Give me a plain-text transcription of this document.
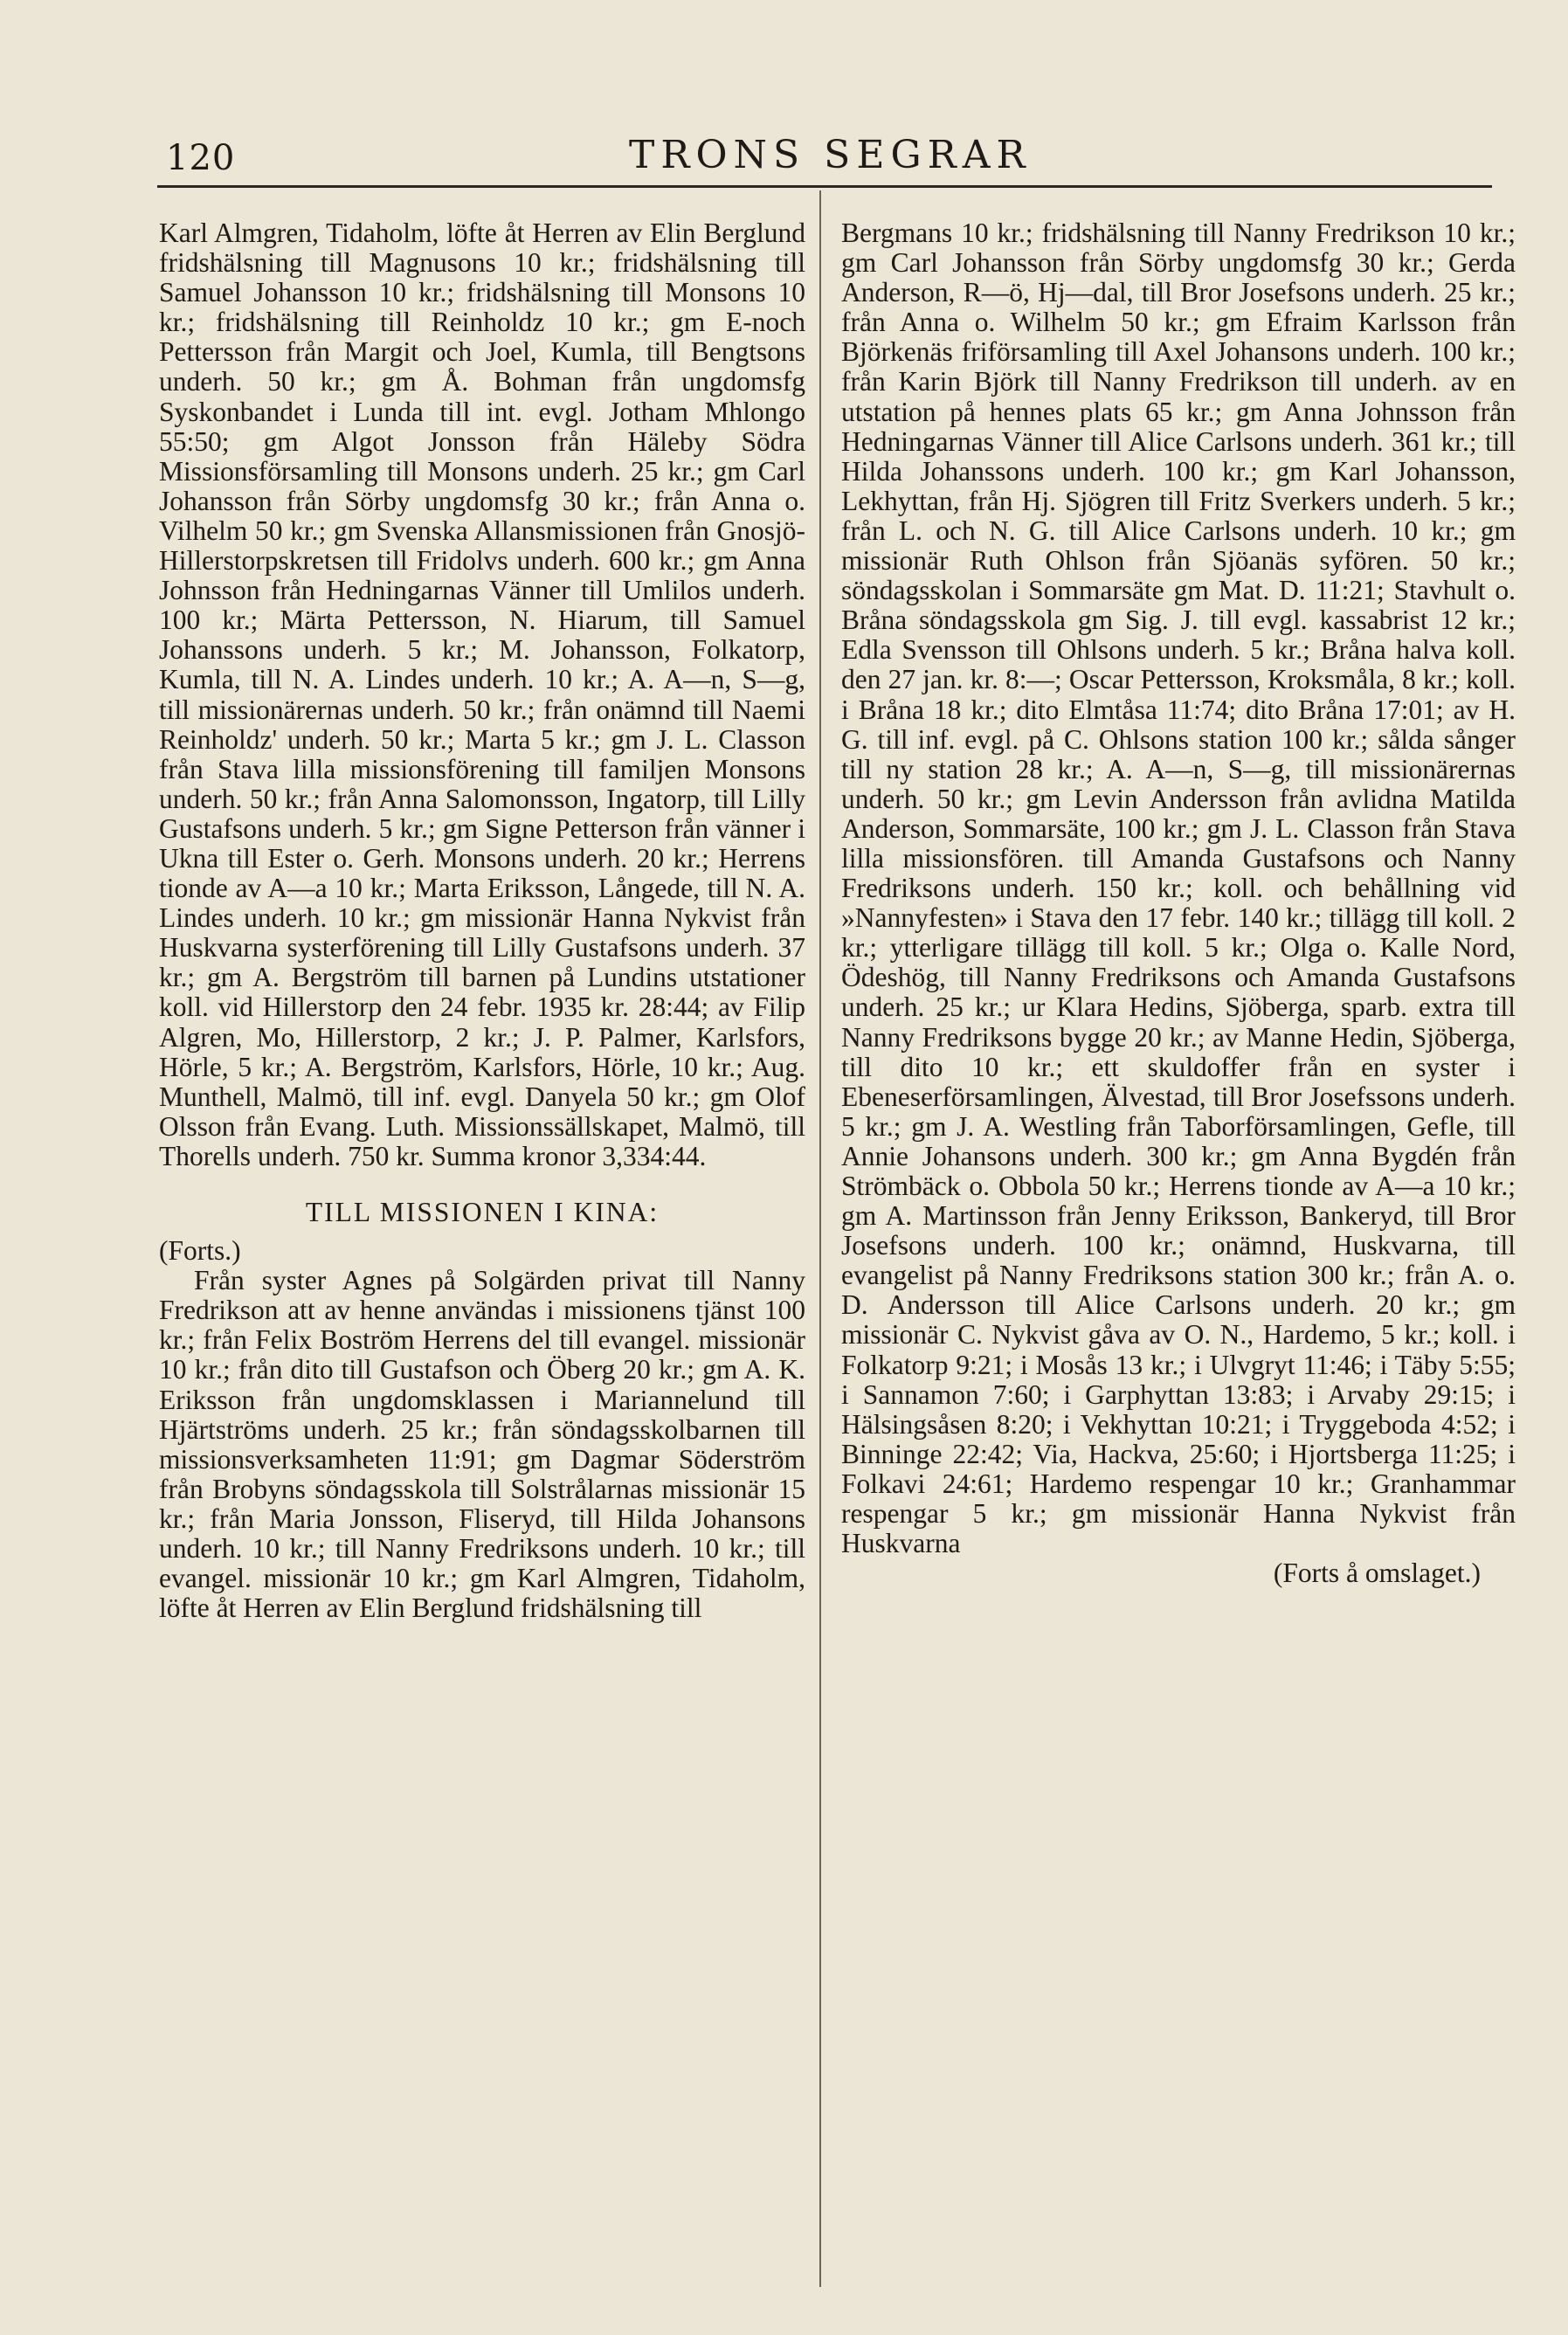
120	TRONS SEGRAR

Karl Almgren, Tidaholm, löfte åt Herren av Elin Berglund fridshälsning till Magnusons 10 kr.; fridshälsning till Samuel Johansson 10 kr.; fridshälsning till Monsons 10 kr.; fridshälsning till Reinholdz 10 kr.; gm E-noch Pettersson från Margit och Joel, Kumla, till Bengtsons underh. 50 kr.; gm Å. Bohman från ungdomsfg Syskonbandet i Lunda till int. evgl. Jotham Mhlongo 55:50; gm Algot Jonsson från Häleby Södra Missionsförsamling till Monsons underh. 25 kr.; gm Carl Johansson från Sörby ungdomsfg 30 kr.; från Anna o. Vilhelm 50 kr.; gm Svenska Allansmissionen från Gnosjö-Hillerstorpskretsen till Fridolvs underh. 600 kr.; gm Anna Johnsson från Hedningarnas Vänner till Umlilos underh. 100 kr.; Märta Pettersson, N. Hiarum, till Samuel Johanssons underh. 5 kr.; M. Johansson, Folkatorp, Kumla, till N. A. Lindes underh. 10 kr.; A. A—n, S—g, till missionärernas underh. 50 kr.; från onämnd till Naemi Reinholdz' underh. 50 kr.; Marta 5 kr.; gm J. L. Classon från Stava lilla missionsförening till familjen Monsons underh. 50 kr.; från Anna Salomonsson, Ingatorp, till Lilly Gustafsons underh. 5 kr.; gm Signe Petterson från vänner i Ukna till Ester o. Gerh. Monsons underh. 20 kr.; Herrens tionde av A—a 10 kr.; Marta Eriksson, Långede, till N. A. Lindes underh. 10 kr.; gm missionär Hanna Nykvist från Huskvarna systerförening till Lilly Gustafsons underh. 37 kr.; gm A. Bergström till barnen på Lundins utstationer koll. vid Hillerstorp den 24 febr. 1935 kr. 28:44; av Filip Algren, Mo, Hillerstorp, 2 kr.; J. P. Palmer, Karlsfors, Hörle, 5 kr.; A. Bergström, Karlsfors, Hörle, 10 kr.; Aug. Munthell, Malmö, till inf. evgl. Danyela 50 kr.; gm Olof Olsson från Evang. Luth. Missionssällskapet, Malmö, till Thorells underh. 750 kr. Summa kronor 3,334:44.

TILL MISSIONEN I KINA:

(Forts.)

Från syster Agnes på Solgärden privat till Nanny Fredrikson att av henne användas i missionens tjänst 100 kr.; från Felix Boström Herrens del till evangel. missionär 10 kr.; från dito till Gustafson och Öberg 20 kr.; gm A. K. Eriksson från ungdomsklassen i Mariannelund till Hjärtströms underh. 25 kr.; från söndagsskolbarnen till missionsverksamheten 11:91; gm Dagmar Söderström från Brobyns söndagsskola till Solstrålarnas missionär 15 kr.; från Maria Jonsson, Fliseryd, till Hilda Johansons underh. 10 kr.; till Nanny Fredriksons underh. 10 kr.; till evangel. missionär 10 kr.; gm Karl Almgren, Tidaholm, löfte åt Herren av Elin Berglund fridshälsning till

Bergmans 10 kr.; fridshälsning till Nanny Fredrikson 10 kr.; gm Carl Johansson från Sörby ungdomsfg 30 kr.; Gerda Anderson, R—ö, Hj—dal, till Bror Josefsons underh. 25 kr.; från Anna o. Wilhelm 50 kr.; gm Efraim Karlsson från Björkenäs friförsamling till Axel Johansons underh. 100 kr.; från Karin Björk till Nanny Fredrikson till underh. av en utstation på hennes plats 65 kr.; gm Anna Johnsson från Hedningarnas Vänner till Alice Carlsons underh. 361 kr.; till Hilda Johanssons underh. 100 kr.; gm Karl Johansson, Lekhyttan, från Hj. Sjögren till Fritz Sverkers underh. 5 kr.; från L. och N. G. till Alice Carlsons underh. 10 kr.; gm missionär Ruth Ohlson från Sjöanäs syfören. 50 kr.; söndagsskolan i Sommarsäte gm Mat. D. 11:21; Stavhult o. Bråna söndagsskola gm Sig. J. till evgl. kassabrist 12 kr.; Edla Svensson till Ohlsons underh. 5 kr.; Bråna halva koll. den 27 jan. kr. 8:—; Oscar Pettersson, Kroksmåla, 8 kr.; koll. i Bråna 18 kr.; dito Elmtåsa 11:74; dito Bråna 17:01; av H. G. till inf. evgl. på C. Ohlsons station 100 kr.; sålda sånger till ny station 28 kr.; A. A—n, S—g, till missionärernas underh. 50 kr.; gm Levin Andersson från avlidna Matilda Anderson, Sommarsäte, 100 kr.; gm J. L. Classon från Stava lilla missionsfören. till Amanda Gustafsons och Nanny Fredriksons underh. 150 kr.; koll. och behållning vid »Nannyfesten» i Stava den 17 febr. 140 kr.; tillägg till koll. 2 kr.; ytterligare tillägg till koll. 5 kr.; Olga o. Kalle Nord, Ödeshög, till Nanny Fredriksons och Amanda Gustafsons underh. 25 kr.; ur Klara Hedins, Sjöberga, sparb. extra till Nanny Fredriksons bygge 20 kr.; av Manne Hedin, Sjöberga, till dito 10 kr.; ett skuldoffer från en syster i Ebeneserförsamlingen, Älvestad, till Bror Josefssons underh. 5 kr.; gm J. A. Westling från Taborförsamlingen, Gefle, till Annie Johansons underh. 300 kr.; gm Anna Bygdén från Strömbäck o. Obbola 50 kr.; Herrens tionde av A—a 10 kr.; gm A. Martinsson från Jenny Eriksson, Bankeryd, till Bror Josefsons underh. 100 kr.; onämnd, Huskvarna, till evangelist på Nanny Fredriksons station 300 kr.; från A. o. D. Andersson till Alice Carlsons underh. 20 kr.; gm missionär C. Nykvist gåva av O. N., Hardemo, 5 kr.; koll. i Folkatorp 9:21; i Mosås 13 kr.; i Ulvgryt 11:46; i Täby 5:55; i Sannamon 7:60; i Garphyttan 13:83; i Arvaby 29:15; i Hälsingsåsen 8:20; i Vekhyttan 10:21; i Tryggeboda 4:52; i Binninge 22:42; Via, Hackva, 25:60; i Hjortsberga 11:25; i Folkavi 24:61; Hardemo respengar 10 kr.; Granhammar respengar 5 kr.; gm missionär Hanna Nykvist från Huskvarna

(Forts å omslaget.)
